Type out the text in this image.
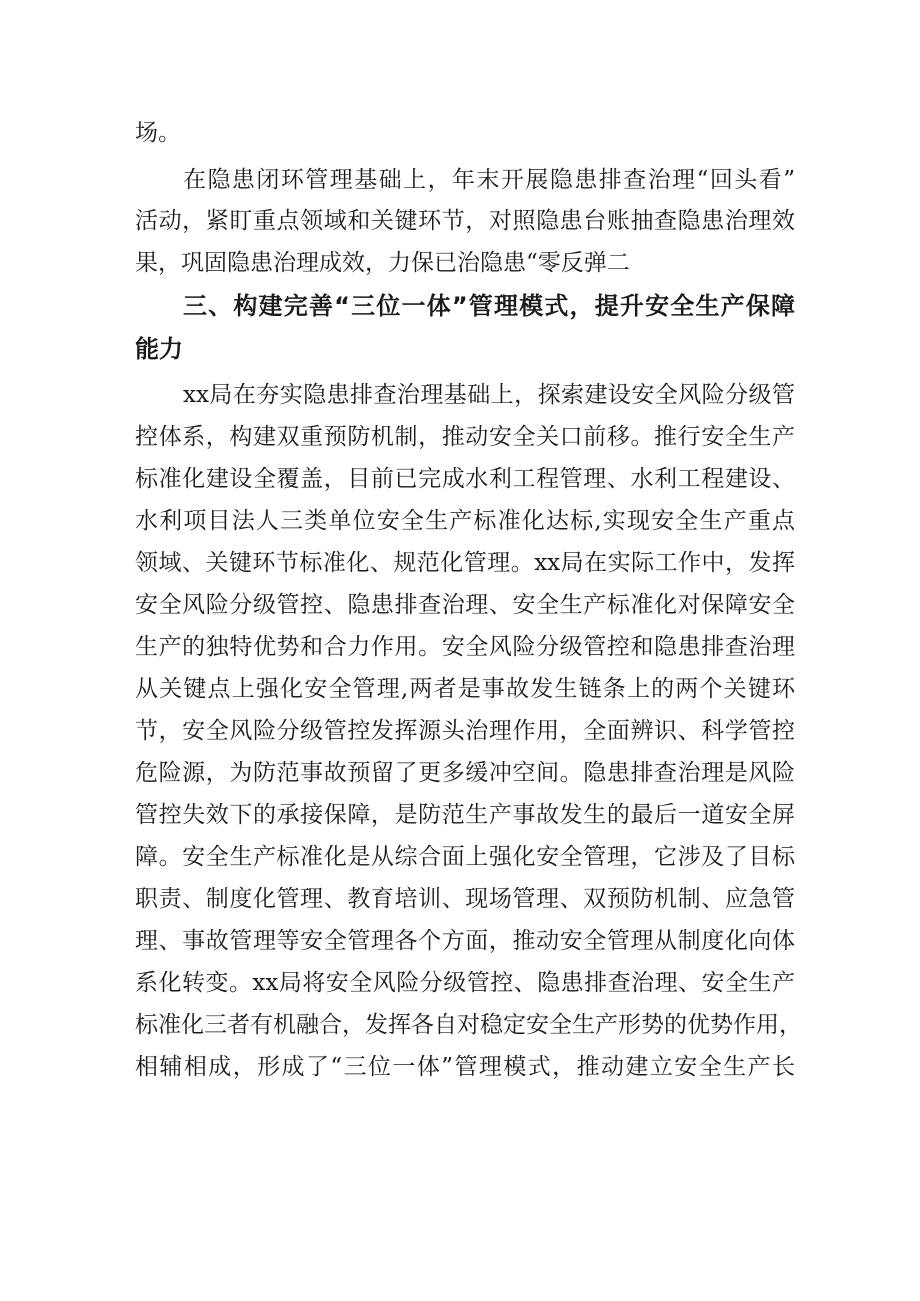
场。
在隐患闭环管理基础上，年末开展隐患排查治理“回头看”
活动，紧盯重点领域和关键环节，对照隐患台账抽查隐患治理效
果，巩固隐患治理成效，力保已治隐患“零反弹二
三、构建完善“三位一体”管理模式，提升安全生产保障
能力
xx局在夯实隐患排查治理基础上，探索建设安全风险分级管
控体系，构建双重预防机制，推动安全关口前移。推行安全生产
标准化建设全覆盖，目前已完成水利工程管理、水利工程建设、
水利项目法人三类单位安全生产标准化达标,实现安全生产重点
领域、关键环节标准化、规范化管理。xx局在实际工作中，发挥
安全风险分级管控、隐患排查治理、安全生产标准化对保障安全
生产的独特优势和合力作用。安全风险分级管控和隐患排查治理
从关键点上强化安全管理,两者是事故发生链条上的两个关键环
节，安全风险分级管控发挥源头治理作用，全面辨识、科学管控
危险源，为防范事故预留了更多缓冲空间。隐患排查治理是风险
管控失效下的承接保障，是防范生产事故发生的最后一道安全屏
障。安全生产标准化是从综合面上强化安全管理，它涉及了目标
职责、制度化管理、教育培训、现场管理、双预防机制、应急管
理、事故管理等安全管理各个方面，推动安全管理从制度化向体
系化转变。xx局将安全风险分级管控、隐患排查治理、安全生产
标准化三者有机融合，发挥各自对稳定安全生产形势的优势作用，
相辅相成，形成了“三位一体”管理模式，推动建立安全生产长
